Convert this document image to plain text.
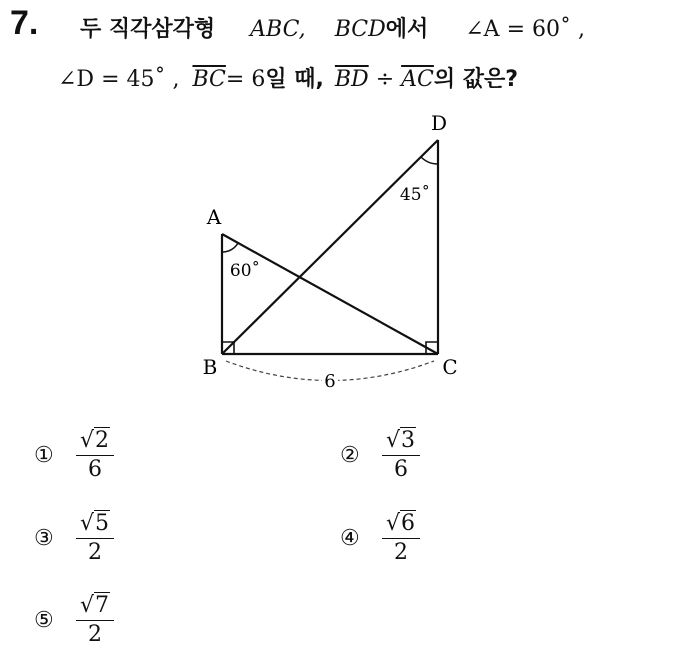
7. 두 직각삼각형 ABC, BCD에서 ∠A = 60˚ ,
∠D = 45˚ , $\overline{BC}= 6$일 때, $\overline{BD} \div \overline{AC}$의 값은?
A
B	C
D
60˚
45˚
6
①	$\frac{√2}{6}$	②	$\frac{√3}{6}$
③	$\frac{√5}{2}$	④	$\frac{√6}{2}$
⑤	$\frac{√7}{2}$
